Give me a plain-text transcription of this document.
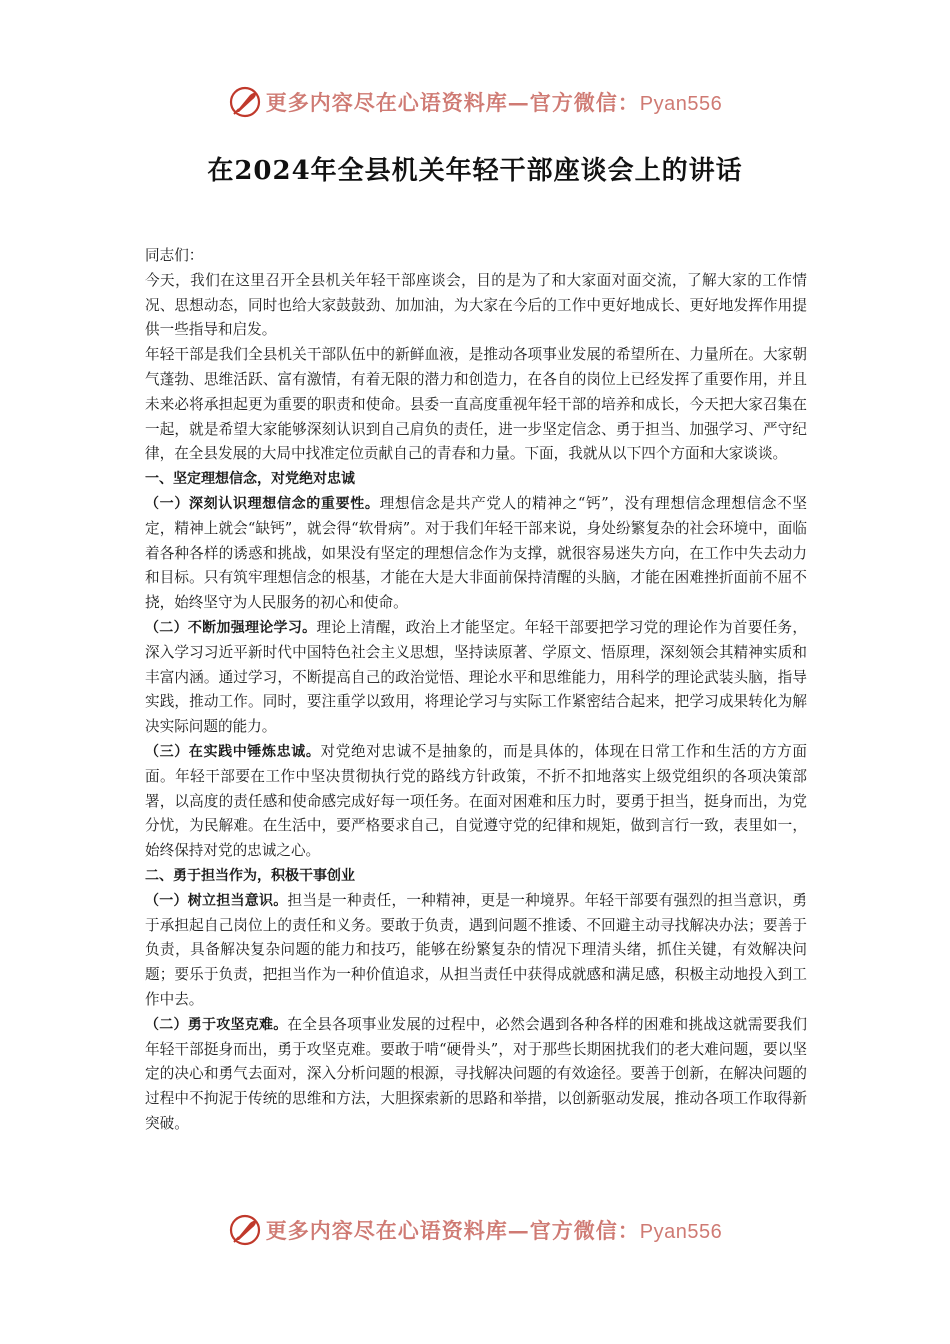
更多内容尽在心语资料库—官方微信：Pyan556
在2024年全县机关年轻干部座谈会上的讲话

同志们：

今天，我们在这里召开全县机关年轻干部座谈会，目的是为了和大家面对面交流，了解大家的工作情况、思想动态，同时也给大家鼓鼓劲、加加油，为大家在今后的工作中更好地成长、更好地发挥作用提供一些指导和启发。

年轻干部是我们全县机关干部队伍中的新鲜血液，是推动各项事业发展的希望所在、力量所在。大家朝气蓬勃、思维活跃、富有激情，有着无限的潜力和创造力，在各自的岗位上已经发挥了重要作用，并且未来必将承担起更为重要的职责和使命。县委一直高度重视年轻干部的培养和成长，今天把大家召集在一起，就是希望大家能够深刻认识到自己肩负的责任，进一步坚定信念、勇于担当、加强学习、严守纪律，在全县发展的大局中找准定位贡献自己的青春和力量。下面，我就从以下四个方面和大家谈谈。

一、坚定理想信念，对党绝对忠诚

（一）深刻认识理想信念的重要性。理想信念是共产党人的精神之“钙”，没有理想信念理想信念不坚定，精神上就会“缺钙”，就会得“软骨病”。对于我们年轻干部来说，身处纷繁复杂的社会环境中，面临着各种各样的诱惑和挑战，如果没有坚定的理想信念作为支撑，就很容易迷失方向，在工作中失去动力和目标。只有筑牢理想信念的根基，才能在大是大非面前保持清醒的头脑，才能在困难挫折面前不屈不挠，始终坚守为人民服务的初心和使命。

（二）不断加强理论学习。理论上清醒，政治上才能坚定。年轻干部要把学习党的理论作为首要任务，深入学习习近平新时代中国特色社会主义思想，坚持读原著、学原文、悟原理，深刻领会其精神实质和丰富内涵。通过学习，不断提高自己的政治觉悟、理论水平和思维能力，用科学的理论武装头脑，指导实践，推动工作。同时，要注重学以致用，将理论学习与实际工作紧密结合起来，把学习成果转化为解决实际问题的能力。

（三）在实践中锤炼忠诚。对党绝对忠诚不是抽象的，而是具体的，体现在日常工作和生活的方方面面。年轻干部要在工作中坚决贯彻执行党的路线方针政策，不折不扣地落实上级党组织的各项决策部署，以高度的责任感和使命感完成好每一项任务。在面对困难和压力时，要勇于担当，挺身而出，为党分忧，为民解难。在生活中，要严格要求自己，自觉遵守党的纪律和规矩，做到言行一致，表里如一，始终保持对党的忠诚之心。

二、勇于担当作为，积极干事创业

（一）树立担当意识。担当是一种责任，一种精神，更是一种境界。年轻干部要有强烈的担当意识，勇于承担起自己岗位上的责任和义务。要敢于负责，遇到问题不推诿、不回避主动寻找解决办法；要善于负责，具备解决复杂问题的能力和技巧，能够在纷繁复杂的情况下理清头绪，抓住关键，有效解决问题；要乐于负责，把担当作为一种价值追求，从担当责任中获得成就感和满足感，积极主动地投入到工作中去。

（二）勇于攻坚克难。在全县各项事业发展的过程中，必然会遇到各种各样的困难和挑战这就需要我们年轻干部挺身而出，勇于攻坚克难。要敢于啃“硬骨头”，对于那些长期困扰我们的老大难问题，要以坚定的决心和勇气去面对，深入分析问题的根源，寻找解决问题的有效途径。要善于创新，在解决问题的过程中不拘泥于传统的思维和方法，大胆探索新的思路和举措，以创新驱动发展，推动各项工作取得新突破。

更多内容尽在心语资料库—官方微信：Pyan556
